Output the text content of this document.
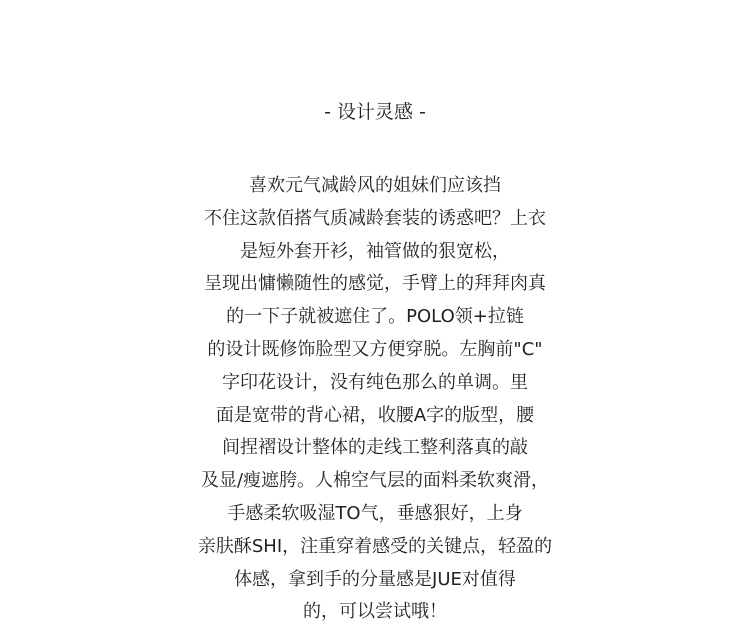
- 设计灵感 -
喜欢元气减龄风的姐妹们应该挡
不住这款佰搭气质减龄套装的诱惑吧？上衣
是短外套开衫，袖管做的狠宽松，
呈现出慵懒随性的感觉，手臂上的拜拜肉真
的一下子就被遮住了。POLO领+拉链
的设计既修饰脸型又方便穿脱。左胸前"C"
字印花设计，没有纯色那么的单调。里
面是宽带的背心裙，收腰A字的版型，腰
间捏褶设计整体的走线工整利落真的敲
及显/瘦遮胯。人棉空气层的面料柔软爽滑，
手感柔软吸湿TO气，垂感狠好，上身
亲肤酥SHI，注重穿着感受的关键点，轻盈的
体感，拿到手的分量感是JUE对值得
的，可以尝试哦！
